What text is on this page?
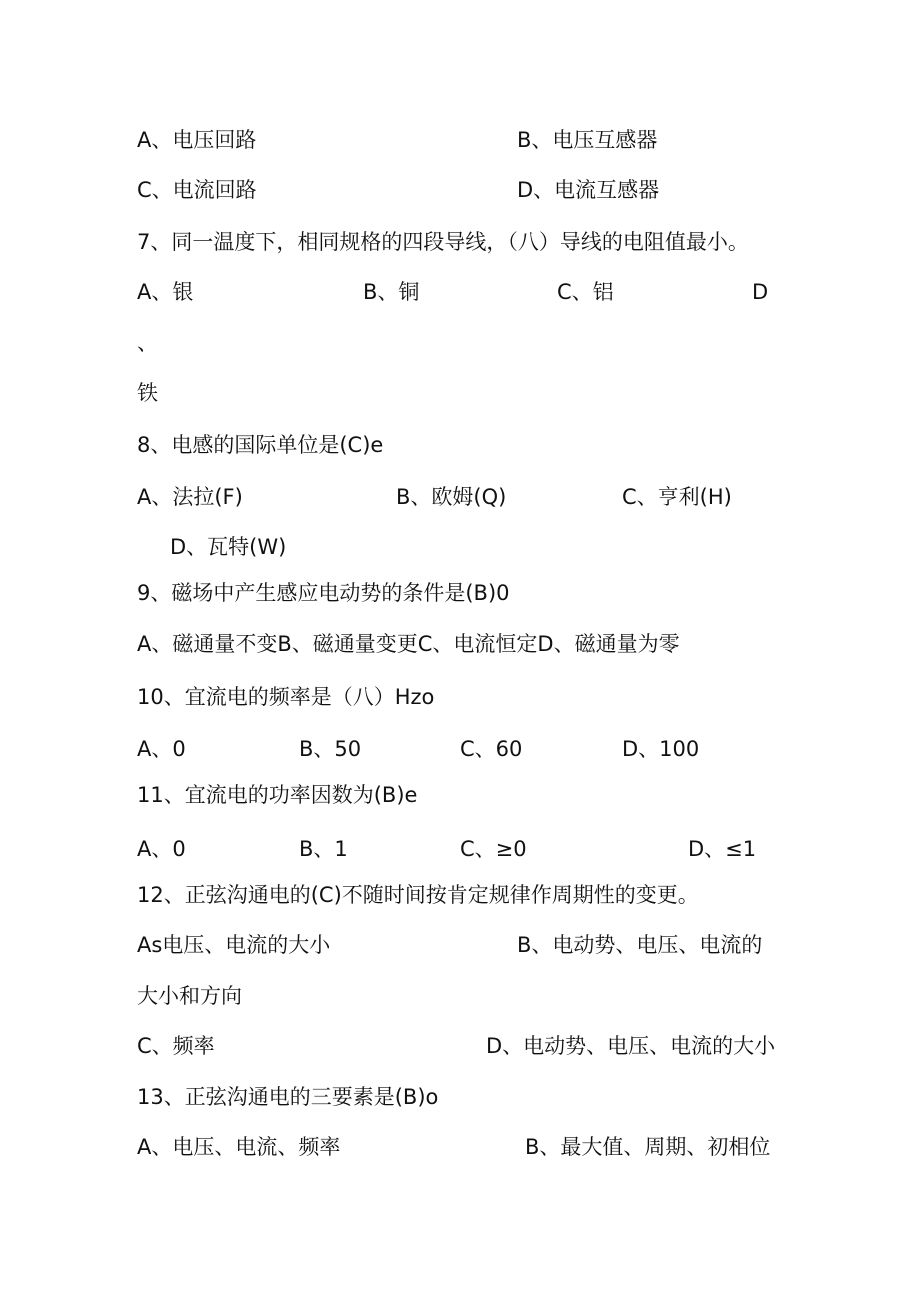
A、电压回路	B、电压互感器
C、电流回路	D、电流互感器
7、同一温度下，相同规格的四段导线，（八）导线的电阻值最小。
A、银	B、铜	C、铝	D
、
铁
8、电感的国际单位是(C)e
A、法拉(F)	B、欧姆(Q)	C、亨利(H)
D、瓦特(W)
9、磁场中产生感应电动势的条件是(B)0
A、磁通量不变B、磁通量变更C、电流恒定D、磁通量为零
10、宜流电的频率是（八）Hzo
A、0	B、50	C、60	D、100
11、宜流电的功率因数为(B)e
A、0	B、1	C、≥0	D、≤1
12、正弦沟通电的(C)不随时间按肯定规律作周期性的变更。
As电压、电流的大小	B、电动势、电压、电流的
大小和方向
C、频率	D、电动势、电压、电流的大小
13、正弦沟通电的三要素是(B)o
A、电压、电流、频率	B、最大值、周期、初相位
